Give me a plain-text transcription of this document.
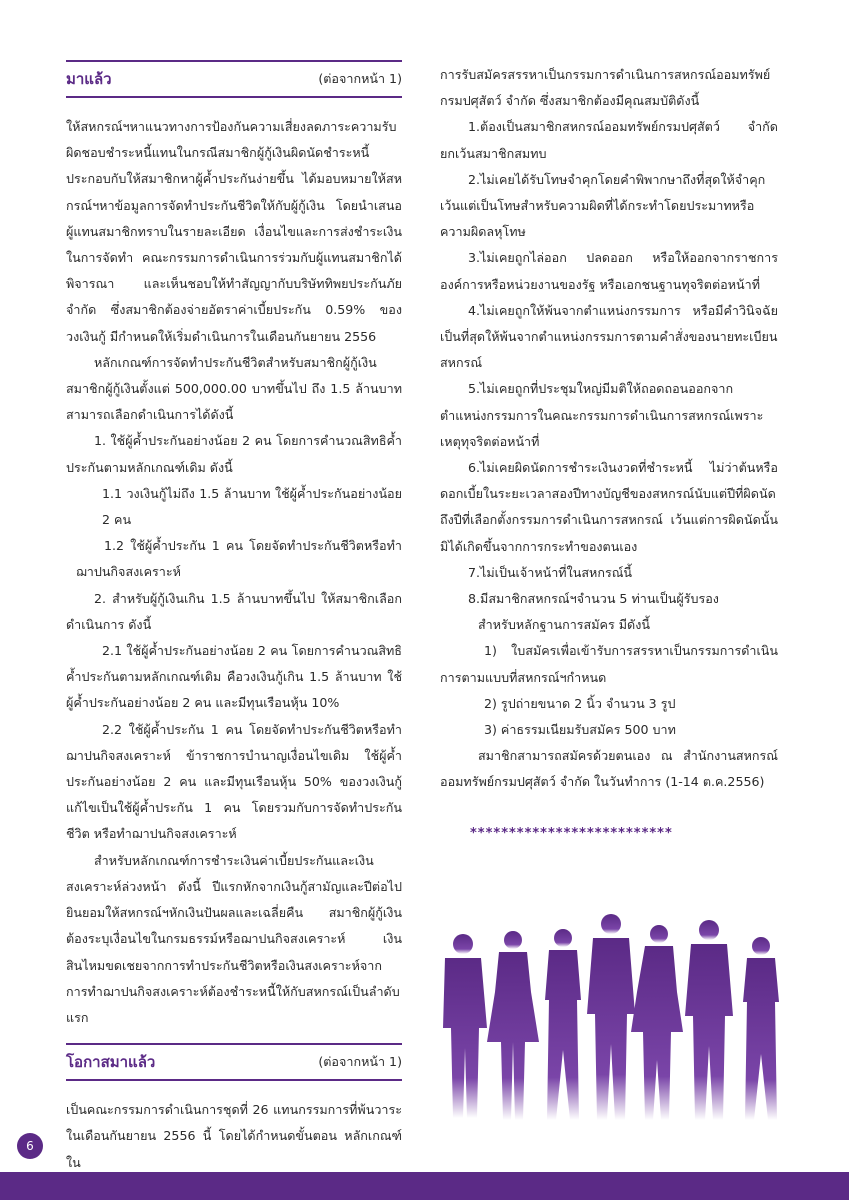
มาแล้ว	(ต่อจากหน้า 1)

ให้สหกรณ์ฯหาแนวทางการป้องกันความเสี่ยงลดภาระความรับผิดชอบชำระหนี้แทนในกรณีสมาชิกผู้กู้เงินผิดนัดชำระหนี้ประกอบกับให้สมาชิกหาผู้ค้ำประกันง่ายขึ้น ได้มอบหมายให้สหกรณ์ฯหาข้อมูลการจัดทำประกันชีวิตให้กับผู้กู้เงิน โดยนำเสนอผู้แทนสมาชิกทราบในรายละเอียด เงื่อนไขและการส่งชำระเงินในการจัดทำ คณะกรรมการดำเนินการร่วมกับผู้แทนสมาชิกได้พิจารณา และเห็นชอบให้ทำสัญญากับบริษัททิพยประกันภัย จำกัด ซึ่งสมาชิกต้องจ่ายอัตราค่าเบี้ยประกัน 0.59% ของวงเงินกู้ มีกำหนดให้เริ่มดำเนินการในเดือนกันยายน 2556

หลักเกณฑ์การจัดทำประกันชีวิตสำหรับสมาชิกผู้กู้เงิน สมาชิกผู้กู้เงินตั้งแต่ 500,000.00 บาทขึ้นไป ถึง 1.5 ล้านบาท สามารถเลือกดำเนินการได้ดังนี้

1. ใช้ผู้ค้ำประกันอย่างน้อย 2 คน โดยการคำนวณสิทธิค้ำประกันตามหลักเกณฑ์เดิม ดังนี้

1.1 วงเงินกู้ไม่ถึง 1.5 ล้านบาท ใช้ผู้ค้ำประกันอย่างน้อย 2 คน

1.2 ใช้ผู้ค้ำประกัน 1 คน โดยจัดทำประกันชีวิตหรือทำฌาปนกิจสงเคราะห์

2. สำหรับผู้กู้เงินเกิน 1.5 ล้านบาทขึ้นไป ให้สมาชิกเลือกดำเนินการ ดังนี้

2.1 ใช้ผู้ค้ำประกันอย่างน้อย 2 คน โดยการคำนวณสิทธิค้ำประกันตามหลักเกณฑ์เดิม คือวงเงินกู้เกิน 1.5 ล้านบาท ใช้ผู้ค้ำประกันอย่างน้อย 2 คน และมีทุนเรือนหุ้น 10%

2.2 ใช้ผู้ค้ำประกัน 1 คน โดยจัดทำประกันชีวิตหรือทำฌาปนกิจสงเคราะห์ ข้าราชการบำนาญเงื่อนไขเดิม ใช้ผู้ค้ำประกันอย่างน้อย 2 คน และมีทุนเรือนหุ้น 50% ของวงเงินกู้ แก้ไขเป็นใช้ผู้ค้ำประกัน 1 คน โดยรวมกับการจัดทำประกันชีวิต หรือทำฌาปนกิจสงเคราะห์

สำหรับหลักเกณฑ์การชำระเงินค่าเบี้ยประกันและเงินสงเคราะห์ล่วงหน้า ดังนี้ ปีแรกหักจากเงินกู้สามัญและปีต่อไปยินยอมให้สหกรณ์ฯหักเงินปันผลและเฉลี่ยคืน สมาชิกผู้กู้เงินต้องระบุเงื่อนไขในกรมธรรม์หรือฌาปนกิจสงเคราะห์ เงินสินไหมขดเชยจากการทำประกันชีวิตหรือเงินสงเคราะห์จากการทำฌาปนกิจสงเคราะห์ต้องชำระหนี้ให้กับสหกรณ์เป็นลำดับแรก

โอกาสมาแล้ว	(ต่อจากหน้า 1)

เป็นคณะกรรมการดำเนินการชุดที่ 26 แทนกรรมการที่พ้นวาระในเดือนกันยายน 2556 นี้ โดยได้กำหนดขั้นตอน หลักเกณฑ์ ใน

การรับสมัครสรรหาเป็นกรรมการดำเนินการสหกรณ์ออมทรัพย์กรมปศุสัตว์ จำกัด ซึ่งสมาชิกต้องมีคุณสมบัติดังนี้

1.ต้องเป็นสมาชิกสหกรณ์ออมทรัพย์กรมปศุสัตว์ จำกัด ยกเว้นสมาชิกสมทบ

2.ไม่เคยได้รับโทษจำคุกโดยคำพิพากษาถึงที่สุดให้จำคุก เว้นแต่เป็นโทษสำหรับความผิดที่ได้กระทำโดยประมาทหรือความผิดลหุโทษ

3.ไม่เคยถูกไล่ออก ปลดออก หรือให้ออกจากราชการ องค์การหรือหน่วยงานของรัฐ หรือเอกชนฐานทุจริตต่อหน้าที่

4.ไม่เคยถูกให้พ้นจากตำแหน่งกรรมการ หรือมีคำวินิจฉัยเป็นที่สุดให้พ้นจากตำแหน่งกรรมการตามคำสั่งของนายทะเบียนสหกรณ์

5.ไม่เคยถูกที่ประชุมใหญ่มีมติให้ถอดถอนออกจากตำแหน่งกรรมการในคณะกรรมการดำเนินการสหกรณ์เพราะเหตุทุจริตต่อหน้าที่

6.ไม่เคยผิดนัดการชำระเงินงวดที่ชำระหนี้ ไม่ว่าต้นหรือดอกเบี้ยในระยะเวลาสองปีทางบัญชีของสหกรณ์นับแต่ปีที่ผิดนัดถึงปีที่เลือกตั้งกรรมการดำเนินการสหกรณ์ เว้นแต่การผิดนัดนั้นมิได้เกิดขึ้นจากการกระทำของตนเอง

7.ไม่เป็นเจ้าหน้าที่ในสหกรณ์นี้

8.มีสมาชิกสหกรณ์ฯจำนวน 5 ท่านเป็นผู้รับรอง

สำหรับหลักฐานการสมัคร มีดังนี้

1) ใบสมัครเพื่อเข้ารับการสรรหาเป็นกรรมการดำเนินการตามแบบที่สหกรณ์ฯกำหนด

2) รูปถ่ายขนาด 2 นิ้ว จำนวน 3 รูป

3) ค่าธรรมเนียมรับสมัคร 500 บาท

สมาชิกสามารถสมัครด้วยตนเอง ณ สำนักงานสหกรณ์ออมทรัพย์กรมปศุสัตว์ จำกัด ในวันทำการ (1-14 ต.ค.2556)

**************************
6
